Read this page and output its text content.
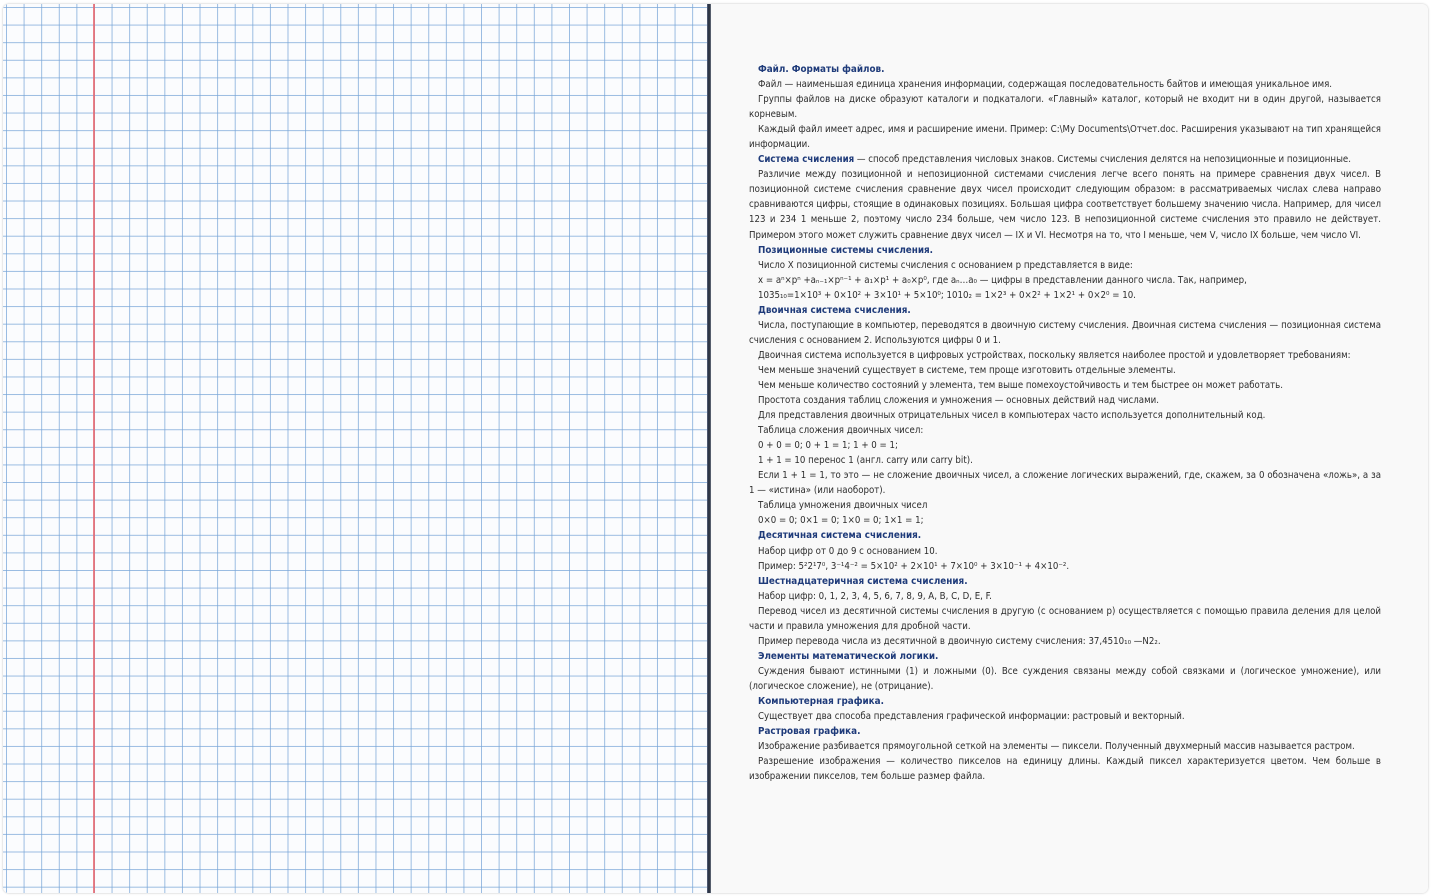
Файл. Форматы файлов.

Файл — наименьшая единица хранения информации, содержащая последовательность байтов и имеющая уникальное имя.

Группы файлов на диске образуют каталоги и подкаталоги. «Главный» каталог, который не входит ни в один другой, называется корневым.

Каждый файл имеет адрес, имя и расширение имени. Пример: C:\My Documents\Отчет.doc. Расширения указывают на тип хранящейся информации.

Система счисления — способ представления числовых знаков. Системы счисления делятся на непозиционные и позиционные.

Различие между позиционной и непозиционной системами счисления легче всего понять на примере сравнения двух чисел. В позиционной системе счисления сравнение двух чисел происходит следующим образом: в рассматриваемых числах слева направо сравниваются цифры, стоящие в одинаковых позициях. Большая цифра соответствует большему значению числа. Например, для чисел 123 и 234 1 меньше 2, поэтому число 234 больше, чем число 123. В непозиционной системе счисления это правило не действует. Примером этого может служить сравнение двух чисел — IX и VI. Несмотря на то, что I меньше, чем V, число IX больше, чем число VI.

Позиционные системы счисления.

Число X позиционной системы счисления с основанием p представляется в виде:

x = aⁿ×pⁿ +aₙ₋₁×pⁿ⁻¹ + a₁×p¹ + a₀×p⁰, где aₙ…a₀ — цифры в представлении данного числа. Так, например,

1035₁₀=1×10³ + 0×10² + 3×10¹ + 5×10⁰; 1010₂ = 1×2³ + 0×2² + 1×2¹ + 0×2⁰ = 10.

Двоичная система счисления.

Числа, поступающие в компьютер, переводятся в двоичную систему счисления. Двоичная система счисления — позиционная система счисления с основанием 2. Используются цифры 0 и 1.

Двоичная система используется в цифровых устройствах, поскольку является наиболее простой и удовлетворяет требованиям:

Чем меньше значений существует в системе, тем проще изготовить отдельные элементы.

Чем меньше количество состояний у элемента, тем выше помехоустойчивость и тем быстрее он может работать.

Простота создания таблиц сложения и умножения — основных действий над числами.

Для представления двоичных отрицательных чисел в компьютерах часто используется дополнительный код.

Таблица сложения двоичных чисел:

0 + 0 = 0; 0 + 1 = 1; 1 + 0 = 1;

1 + 1 = 10 перенос 1 (англ. carry или carry bit).

Если 1 + 1 = 1, то это — не сложение двоичных чисел, а сложение логических выражений, где, скажем, за 0 обозначена «ложь», а за 1 — «истина» (или наоборот).

Таблица умножения двоичных чисел

0×0 = 0; 0×1 = 0; 1×0 = 0; 1×1 = 1;

Десятичная система счисления.

Набор цифр от 0 до 9 с основанием 10.

Пример: 5²2¹7⁰, 3⁻¹4⁻² = 5×10² + 2×10¹ + 7×10⁰ + 3×10⁻¹ + 4×10⁻².

Шестнадцатеричная система счисления.

Набор цифр: 0, 1, 2, 3, 4, 5, 6, 7, 8, 9, A, B, C, D, E, F.

Перевод чисел из десятичной системы счисления в другую (с основанием p) осуществляется с помощью правила деления для целой части и правила умножения для дробной части.

Пример перевода числа из десятичной в двоичную систему счисления: 37,4510₁₀ —N2₂.

Элементы математической логики.

Суждения бывают истинными (1) и ложными (0). Все суждения связаны между собой связками и (логическое умножение), или (логическое сложение), не (отрицание).

Компьютерная графика.

Существует два способа представления графической информации: растровый и векторный.

Растровая графика.

Изображение разбивается прямоугольной сеткой на элементы — пиксели. Полученный двухмерный массив называется растром.

Разрешение изображения — количество пикселов на единицу длины. Каждый пиксел характеризуется цветом. Чем больше в изображении пикселов, тем больше размер файла.
